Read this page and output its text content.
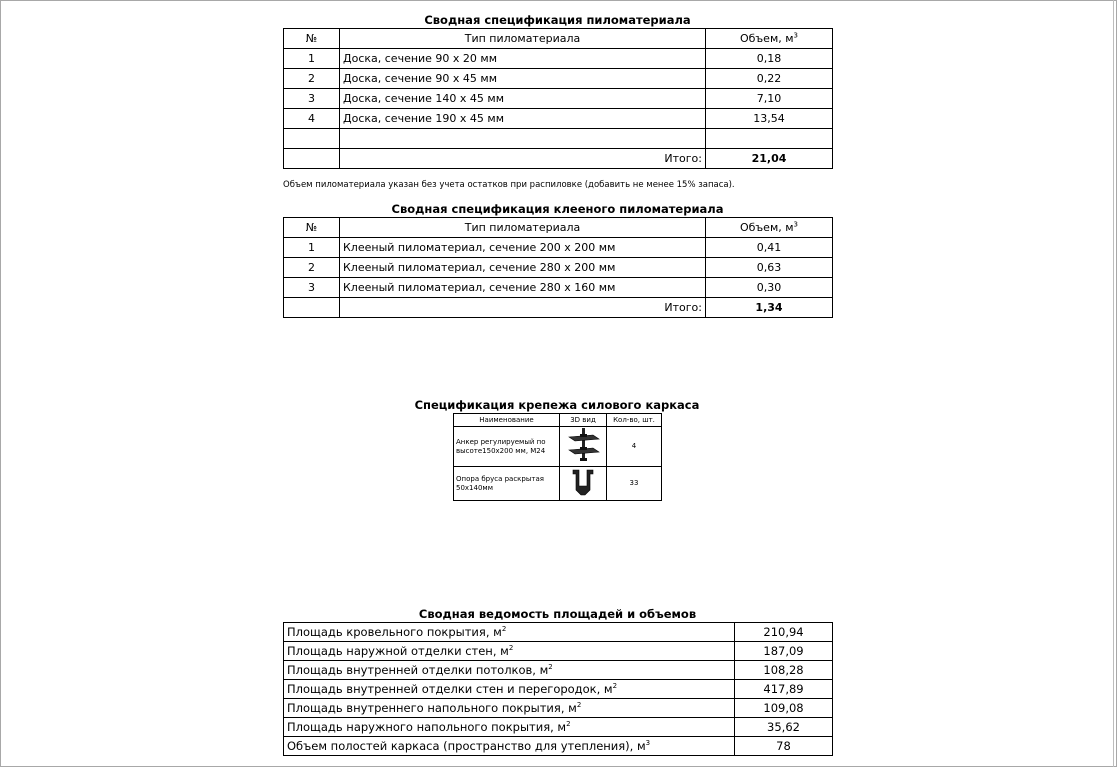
Сводная спецификация пиломатериала
№	Тип пиломатериала	Объем, $м^3$
1	Доска, сечение 90 х 20 мм	0,18
2	Доска, сечение 90 х 45 мм	0,22
3	Доска, сечение 140 х 45 мм	7,10
4	Доска, сечение 190 х 45 мм	13,54

	Итого:	21,04
Объем пиломатериала указан без учета остатков при распиловке (добавить не менее 15% запаса).
Сводная спецификация клееного пиломатериала
№	Тип пиломатериала	Объем, $м^3$
1	Клееный пиломатериал, сечение 200 х 200 мм	0,41
2	Клееный пиломатериал, сечение 280 х 200 мм	0,63
3	Клееный пиломатериал, сечение 280 х 160 мм	0,30
	Итого:	1,34
Спецификация крепежа силового каркаса
Наименование	3D вид	Кол-во, шт.
Анкер регулируемый по высоте150х200 мм, М24		4
Опора бруса раскрытая 50х140мм		33
Сводная ведомость площадей и объемов
Площадь кровельного покрытия, $м^2$	210,94
Площадь наружной отделки стен, $м^2$	187,09
Площадь внутренней отделки потолков, $м^2$	108,28
Площадь внутренней отделки стен и перегородок, $м^2$	417,89
Площадь внутреннего напольного покрытия, $м^2$	109,08
Площадь наружного напольного покрытия, $м^2$	35,62
Объем полостей каркаса (пространство для утепления), $м^3$	78
